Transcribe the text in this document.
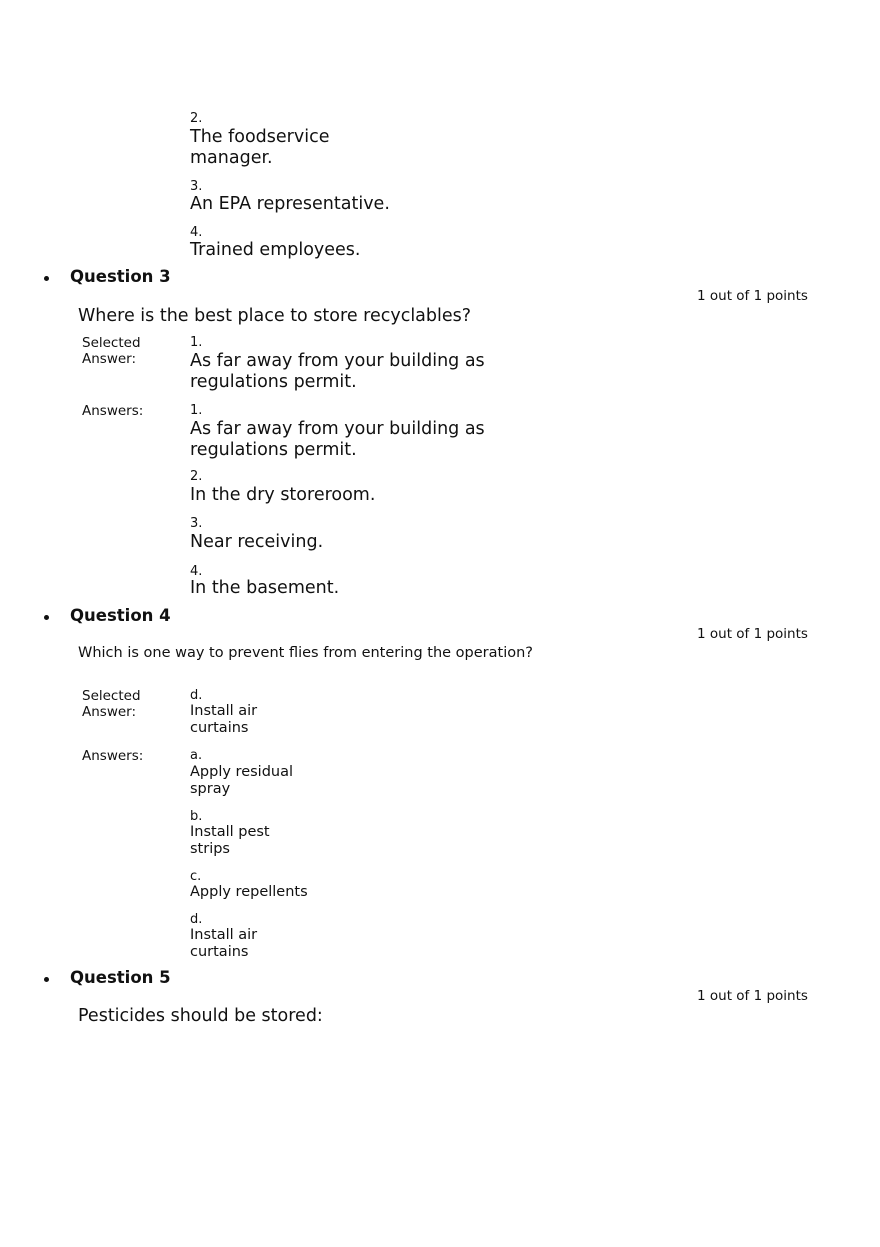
2.
The foodservice manager.
3.
An EPA representative.
4.
Trained employees.
Question 3
1 out of 1 points
Where is the best place to store recyclables?
Selected Answer:
1.
As far away from your building as regulations permit.
Answers:	1.
As far away from your building as regulations permit.
2.
In the dry storeroom.
3.
Near receiving.
4.
In the basement.
Question 4
1 out of 1 points
Which is one way to prevent flies from entering the operation?
Selected Answer:
d.
Install air curtains
Answers:	a.
Apply residual spray
b.
Install pest strips
c.
Apply repellents
d.
Install air curtains
Question 5
1 out of 1 points
Pesticides should be stored:
